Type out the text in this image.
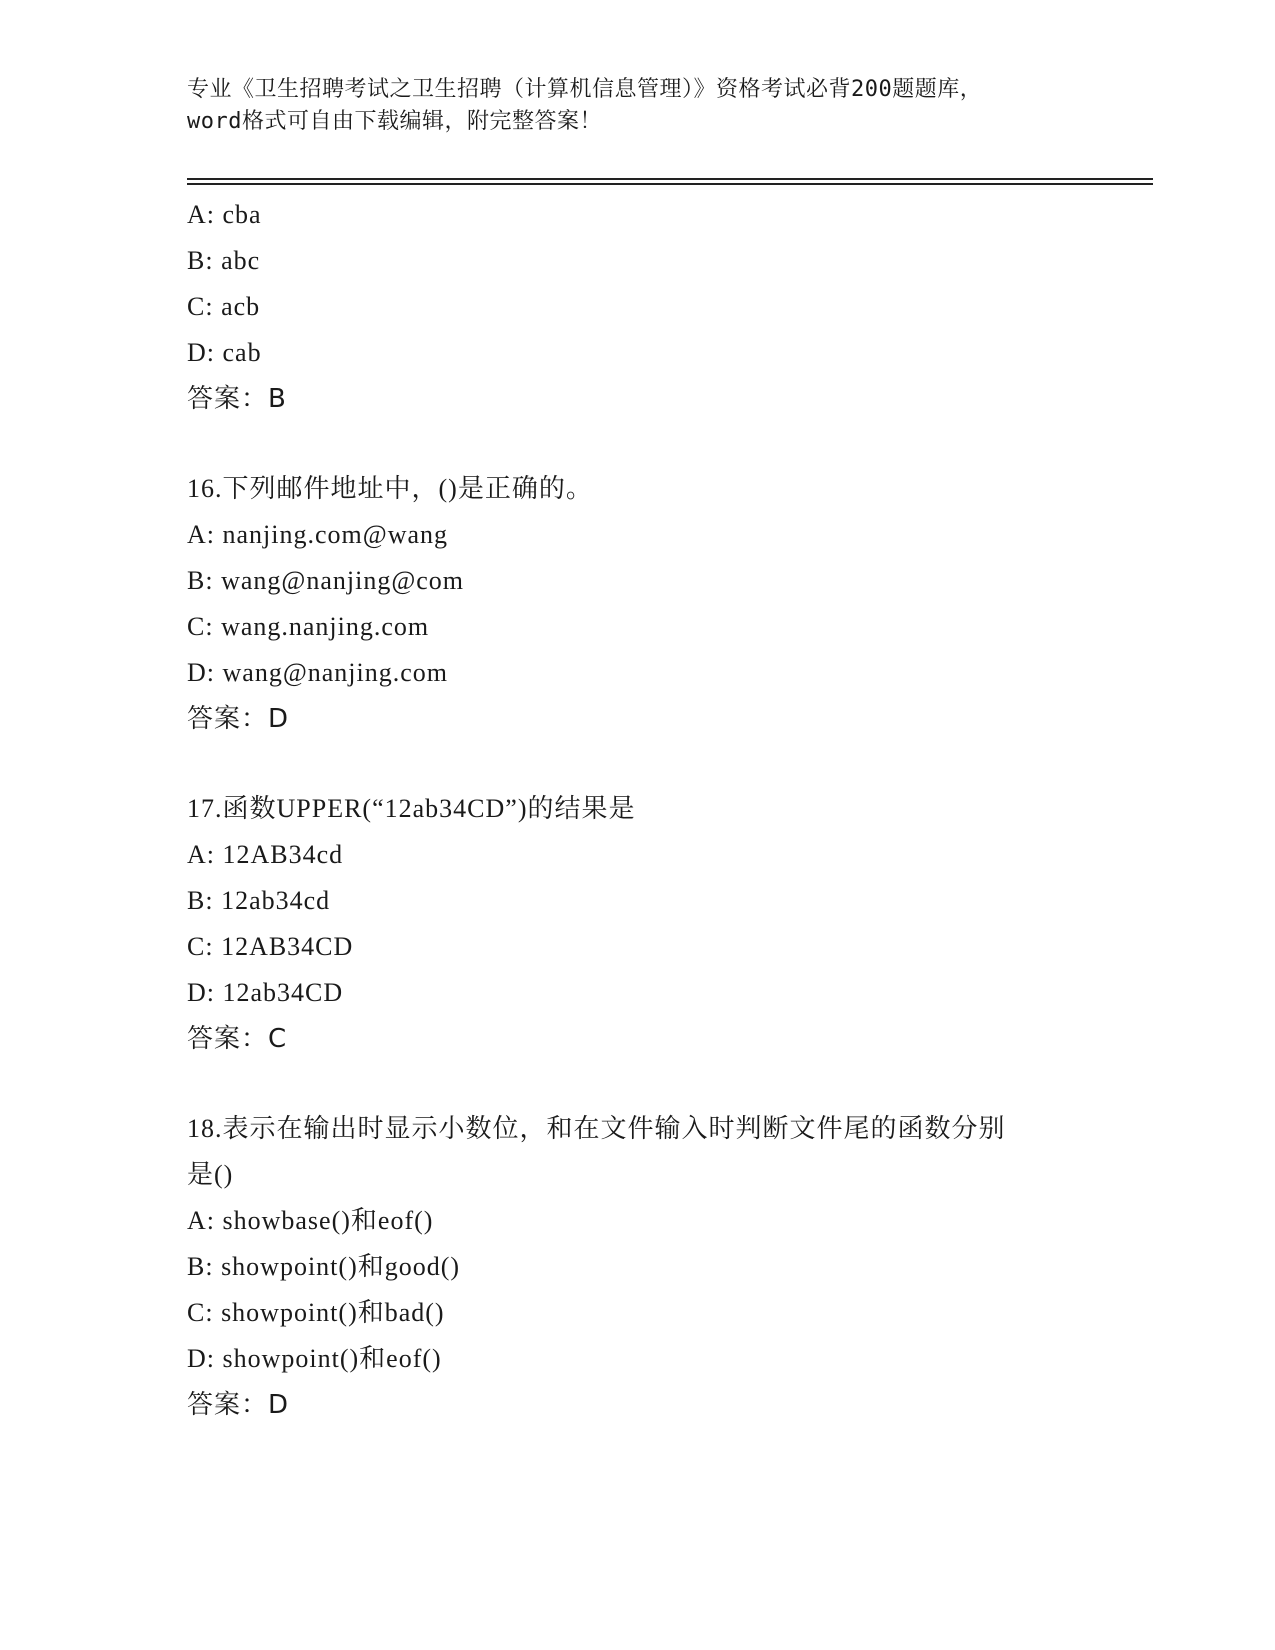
专业《卫生招聘考试之卫生招聘（计算机信息管理）》资格考试必背200题题库，
word格式可自由下载编辑，附完整答案！
A: cba
B: abc
C: acb
D: cab
答案：B
16.下列邮件地址中，()是正确的。
A: nanjing.com@wang
B: wang@nanjing@com
C: wang.nanjing.com
D: wang@nanjing.com
答案：D
17.函数UPPER(“12ab34CD”)的结果是
A: 12AB34cd
B: 12ab34cd
C: 12AB34CD
D: 12ab34CD
答案：C
18.表示在输出时显示小数位，和在文件输入时判断文件尾的函数分别
是()
A: showbase()和eof()
B: showpoint()和good()
C: showpoint()和bad()
D: showpoint()和eof()
答案：D
